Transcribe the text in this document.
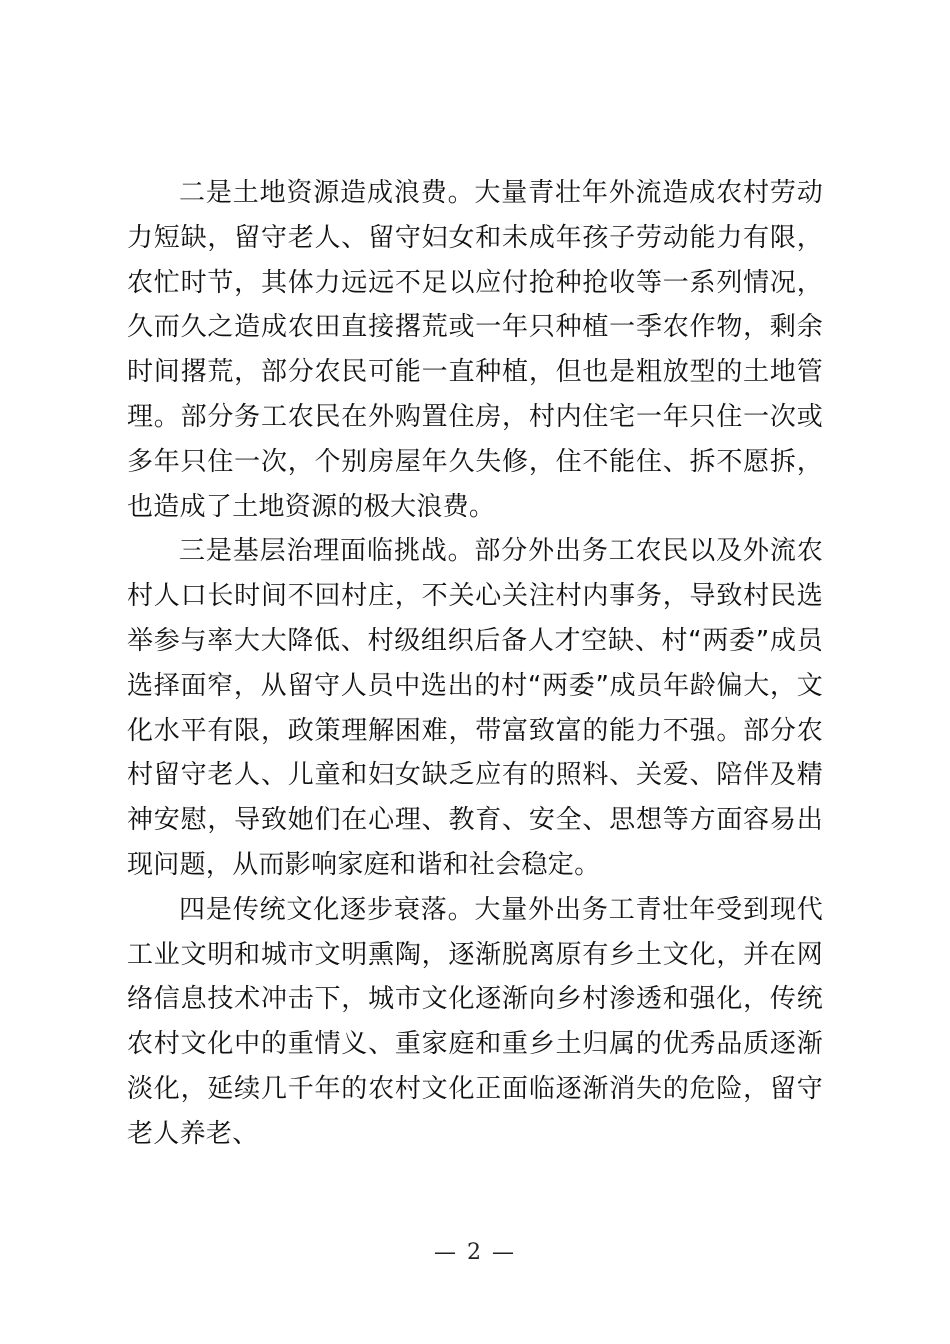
二是土地资源造成浪费。大量青壮年外流造成农村劳动力短缺，留守老人、留守妇女和未成年孩子劳动能力有限，农忙时节，其体力远远不足以应付抢种抢收等一系列情况，久而久之造成农田直接撂荒或一年只种植一季农作物，剩余时间撂荒，部分农民可能一直种植，但也是粗放型的土地管理。部分务工农民在外购置住房，村内住宅一年只住一次或多年只住一次，个别房屋年久失修，住不能住、拆不愿拆，也造成了土地资源的极大浪费。

三是基层治理面临挑战。部分外出务工农民以及外流农村人口长时间不回村庄，不关心关注村内事务，导致村民选举参与率大大降低、村级组织后备人才空缺、村“两委”成员选择面窄，从留守人员中选出的村“两委”成员年龄偏大，文化水平有限，政策理解困难，带富致富的能力不强。部分农村留守老人、儿童和妇女缺乏应有的照料、关爱、陪伴及精神安慰，导致她们在心理、教育、安全、思想等方面容易出现问题，从而影响家庭和谐和社会稳定。

四是传统文化逐步衰落。大量外出务工青壮年受到现代工业文明和城市文明熏陶，逐渐脱离原有乡土文化，并在网络信息技术冲击下，城市文化逐渐向乡村渗透和强化，传统农村文化中的重情义、重家庭和重乡土归属的优秀品质逐渐淡化，延续几千年的农村文化正面临逐渐消失的危险，留守老人养老、

— 2 —
